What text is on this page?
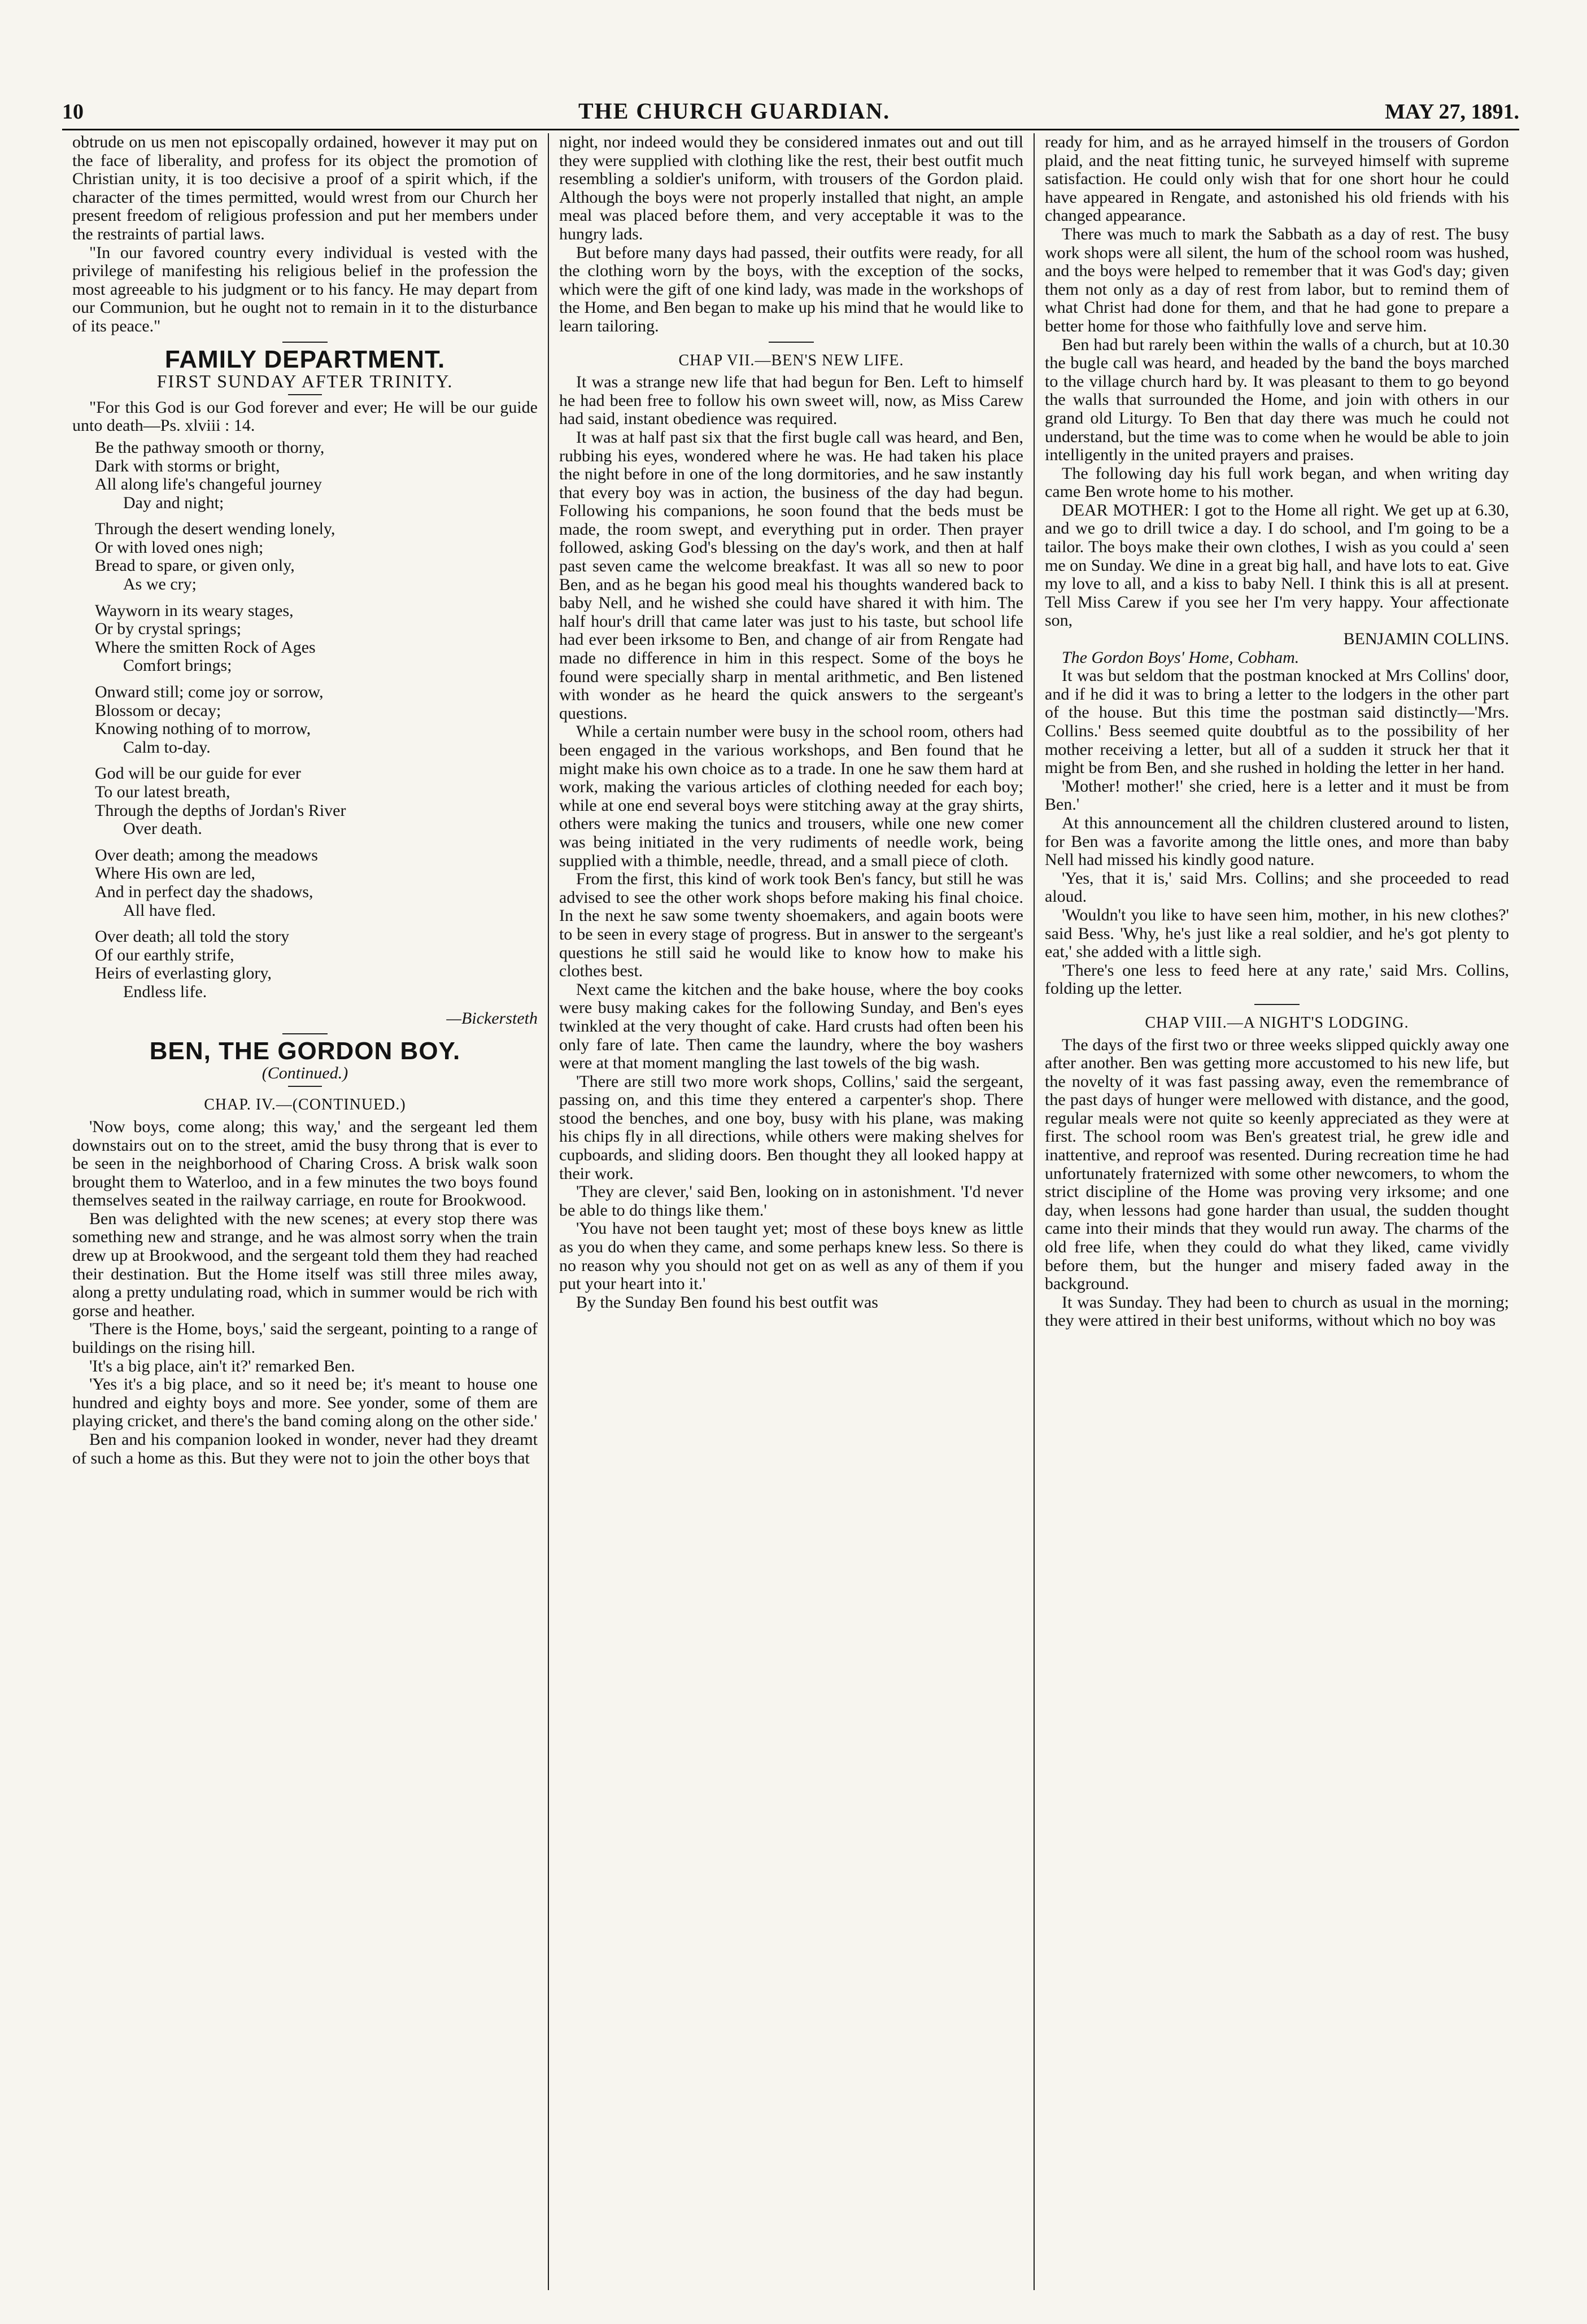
10	THE CHURCH GUARDIAN.	MAY 27, 1891.

obtrude on us men not episcopally ordained, however it may put on the face of liberality, and profess for its object the promotion of Christian unity, it is too decisive a proof of a spirit which, if the character of the times permitted, would wrest from our Church her present freedom of religious profession and put her members under the restraints of partial laws.

"In our favored country every individual is vested with the privilege of manifesting his religious belief in the profession the most agreeable to his judgment or to his fancy. He may depart from our Communion, but he ought not to remain in it to the disturbance of its peace."

FAMILY DEPARTMENT.
FIRST SUNDAY AFTER TRINITY.

"For this God is our God forever and ever; He will be our guide unto death—Ps. xlviii : 14.

Be the pathway smooth or thorny,
Dark with storms or bright,
All along life's changeful journey
Day and night;
Through the desert wending lonely,
Or with loved ones nigh;
Bread to spare, or given only,
As we cry;
Wayworn in its weary stages,
Or by crystal springs;
Where the smitten Rock of Ages
Comfort brings;
Onward still; come joy or sorrow,
Blossom or decay;
Knowing nothing of to morrow,
Calm to-day.
God will be our guide for ever
To our latest breath,
Through the depths of Jordan's River
Over death.
Over death; among the meadows
Where His own are led,
And in perfect day the shadows,
All have fled.
Over death; all told the story
Of our earthly strife,
Heirs of everlasting glory,
Endless life.
—Bickersteth
BEN, THE GORDON BOY.
(Continued.)
CHAP. IV.—(CONTINUED.)

'Now boys, come along; this way,' and the sergeant led them downstairs out on to the street, amid the busy throng that is ever to be seen in the neighborhood of Charing Cross. A brisk walk soon brought them to Waterloo, and in a few minutes the two boys found themselves seated in the railway carriage, en route for Brookwood.

Ben was delighted with the new scenes; at every stop there was something new and strange, and he was almost sorry when the train drew up at Brookwood, and the sergeant told them they had reached their destination. But the Home itself was still three miles away, along a pretty undulating road, which in summer would be rich with gorse and heather.

'There is the Home, boys,' said the sergeant, pointing to a range of buildings on the rising hill.

'It's a big place, ain't it?' remarked Ben.

'Yes it's a big place, and so it need be; it's meant to house one hundred and eighty boys and more. See yonder, some of them are playing cricket, and there's the band coming along on the other side.'

Ben and his companion looked in wonder, never had they dreamt of such a home as this. But they were not to join the other boys that

night, nor indeed would they be considered inmates out and out till they were supplied with clothing like the rest, their best outfit much resembling a soldier's uniform, with trousers of the Gordon plaid. Although the boys were not properly installed that night, an ample meal was placed before them, and very acceptable it was to the hungry lads.

But before many days had passed, their outfits were ready, for all the clothing worn by the boys, with the exception of the socks, which were the gift of one kind lady, was made in the workshops of the Home, and Ben began to make up his mind that he would like to learn tailoring.

CHAP VII.—BEN'S NEW LIFE.

It was a strange new life that had begun for Ben. Left to himself he had been free to follow his own sweet will, now, as Miss Carew had said, instant obedience was required.

It was at half past six that the first bugle call was heard, and Ben, rubbing his eyes, wondered where he was. He had taken his place the night before in one of the long dormitories, and he saw instantly that every boy was in action, the business of the day had begun. Following his companions, he soon found that the beds must be made, the room swept, and everything put in order. Then prayer followed, asking God's blessing on the day's work, and then at half past seven came the welcome breakfast. It was all so new to poor Ben, and as he began his good meal his thoughts wandered back to baby Nell, and he wished she could have shared it with him. The half hour's drill that came later was just to his taste, but school life had ever been irksome to Ben, and change of air from Rengate had made no difference in him in this respect. Some of the boys he found were specially sharp in mental arithmetic, and Ben listened with wonder as he heard the quick answers to the sergeant's questions.

While a certain number were busy in the school room, others had been engaged in the various workshops, and Ben found that he might make his own choice as to a trade. In one he saw them hard at work, making the various articles of clothing needed for each boy; while at one end several boys were stitching away at the gray shirts, others were making the tunics and trousers, while one new comer was being initiated in the very rudiments of needle work, being supplied with a thimble, needle, thread, and a small piece of cloth.

From the first, this kind of work took Ben's fancy, but still he was advised to see the other work shops before making his final choice. In the next he saw some twenty shoemakers, and again boots were to be seen in every stage of progress. But in answer to the sergeant's questions he still said he would like to know how to make his clothes best.

Next came the kitchen and the bake house, where the boy cooks were busy making cakes for the following Sunday, and Ben's eyes twinkled at the very thought of cake. Hard crusts had often been his only fare of late. Then came the laundry, where the boy washers were at that moment mangling the last towels of the big wash.

'There are still two more work shops, Collins,' said the sergeant, passing on, and this time they entered a carpenter's shop. There stood the benches, and one boy, busy with his plane, was making his chips fly in all directions, while others were making shelves for cupboards, and sliding doors. Ben thought they all looked happy at their work.

'They are clever,' said Ben, looking on in astonishment. 'I'd never be able to do things like them.'

'You have not been taught yet; most of these boys knew as little as you do when they came, and some perhaps knew less. So there is no reason why you should not get on as well as any of them if you put your heart into it.'

By the Sunday Ben found his best outfit was

ready for him, and as he arrayed himself in the trousers of Gordon plaid, and the neat fitting tunic, he surveyed himself with supreme satisfaction. He could only wish that for one short hour he could have appeared in Rengate, and astonished his old friends with his changed appearance.

There was much to mark the Sabbath as a day of rest. The busy work shops were all silent, the hum of the school room was hushed, and the boys were helped to remember that it was God's day; given them not only as a day of rest from labor, but to remind them of what Christ had done for them, and that he had gone to prepare a better home for those who faithfully love and serve him.

Ben had but rarely been within the walls of a church, but at 10.30 the bugle call was heard, and headed by the band the boys marched to the village church hard by. It was pleasant to them to go beyond the walls that surrounded the Home, and join with others in our grand old Liturgy. To Ben that day there was much he could not understand, but the time was to come when he would be able to join intelligently in the united prayers and praises.

The following day his full work began, and when writing day came Ben wrote home to his mother.

DEAR MOTHER: I got to the Home all right. We get up at 6.30, and we go to drill twice a day. I do school, and I'm going to be a tailor. The boys make their own clothes, I wish as you could a' seen me on Sunday. We dine in a great big hall, and have lots to eat. Give my love to all, and a kiss to baby Nell. I think this is all at present. Tell Miss Carew if you see her I'm very happy. Your affectionate son,

BENJAMIN COLLINS.

The Gordon Boys' Home, Cobham.

It was but seldom that the postman knocked at Mrs Collins' door, and if he did it was to bring a letter to the lodgers in the other part of the house. But this time the postman said distinctly—'Mrs. Collins.' Bess seemed quite doubtful as to the possibility of her mother receiving a letter, but all of a sudden it struck her that it might be from Ben, and she rushed in holding the letter in her hand.

'Mother! mother!' she cried, here is a letter and it must be from Ben.'

At this announcement all the children clustered around to listen, for Ben was a favorite among the little ones, and more than baby Nell had missed his kindly good nature.

'Yes, that it is,' said Mrs. Collins; and she proceeded to read aloud.

'Wouldn't you like to have seen him, mother, in his new clothes?' said Bess. 'Why, he's just like a real soldier, and he's got plenty to eat,' she added with a little sigh.

'There's one less to feed here at any rate,' said Mrs. Collins, folding up the letter.

CHAP VIII.—A NIGHT'S LODGING.

The days of the first two or three weeks slipped quickly away one after another. Ben was getting more accustomed to his new life, but the novelty of it was fast passing away, even the remembrance of the past days of hunger were mellowed with distance, and the good, regular meals were not quite so keenly appreciated as they were at first. The school room was Ben's greatest trial, he grew idle and inattentive, and reproof was resented. During recreation time he had unfortunately fraternized with some other newcomers, to whom the strict discipline of the Home was proving very irksome; and one day, when lessons had gone harder than usual, the sudden thought came into their minds that they would run away. The charms of the old free life, when they could do what they liked, came vividly before them, but the hunger and misery faded away in the background.

It was Sunday. They had been to church as usual in the morning; they were attired in their best uniforms, without which no boy was
